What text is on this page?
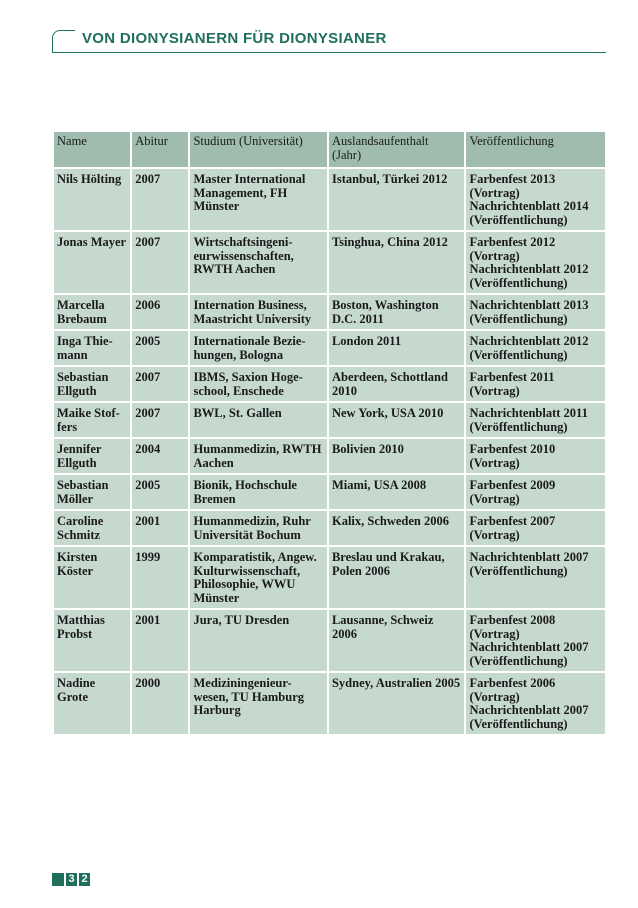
VON DIONYSIANERN FÜR DIONYSIANER
Name	Abitur	Studium (Universität)	Auslandsaufenthalt (Jahr)	Veröffentlichung
Nils Hölting	2007	Master International Management, FH Münster	Istanbul, Türkei 2012	Farbenfest 2013 (Vortrag) Nachrichtenblatt 2014 (Veröffentlichung)
Jonas Mayer	2007	Wirtschaftsingeni-eurwissenschaften, RWTH Aachen	Tsinghua, China 2012	Farbenfest 2012 (Vortrag) Nachrichtenblatt 2012 (Veröffentlichung)
Marcella Brebaum	2006	Internation Business, Maastricht University	Boston, Washington D.C. 2011	Nachrichtenblatt 2013 (Veröffentlichung)
Inga Thie-mann	2005	Internationale Bezie-hungen, Bologna	London 2011	Nachrichtenblatt 2012 (Veröffentlichung)
Sebastian Ellguth	2007	IBMS, Saxion Hoge-school, Enschede	Aberdeen, Schottland 2010	Farbenfest 2011 (Vortrag)
Maike Stof-fers	2007	BWL, St. Gallen	New York, USA 2010	Nachrichtenblatt 2011 (Veröffentlichung)
Jennifer Ellguth	2004	Humanmedizin, RWTH Aachen	Bolivien 2010	Farbenfest 2010 (Vortrag)
Sebastian Möller	2005	Bionik, Hochschule Bremen	Miami, USA 2008	Farbenfest 2009 (Vortrag)
Caroline Schmitz	2001	Humanmedizin, Ruhr Universität Bochum	Kalix, Schweden 2006	Farbenfest 2007 (Vortrag)
Kirsten Köster	1999	Komparatistik, Angew. Kulturwissenschaft, Philosophie, WWU Münster	Breslau und Krakau, Polen 2006	Nachrichtenblatt 2007 (Veröffentlichung)
Matthias Probst	2001	Jura, TU Dresden	Lausanne, Schweiz 2006	Farbenfest 2008 (Vortrag) Nachrichtenblatt 2007 (Veröffentlichung)
Nadine Grote	2000	Mediziningenieur-wesen, TU Hamburg Harburg	Sydney, Australien 2005	Farbenfest 2006 (Vortrag) Nachrichtenblatt 2007 (Veröffentlichung)
3 2
